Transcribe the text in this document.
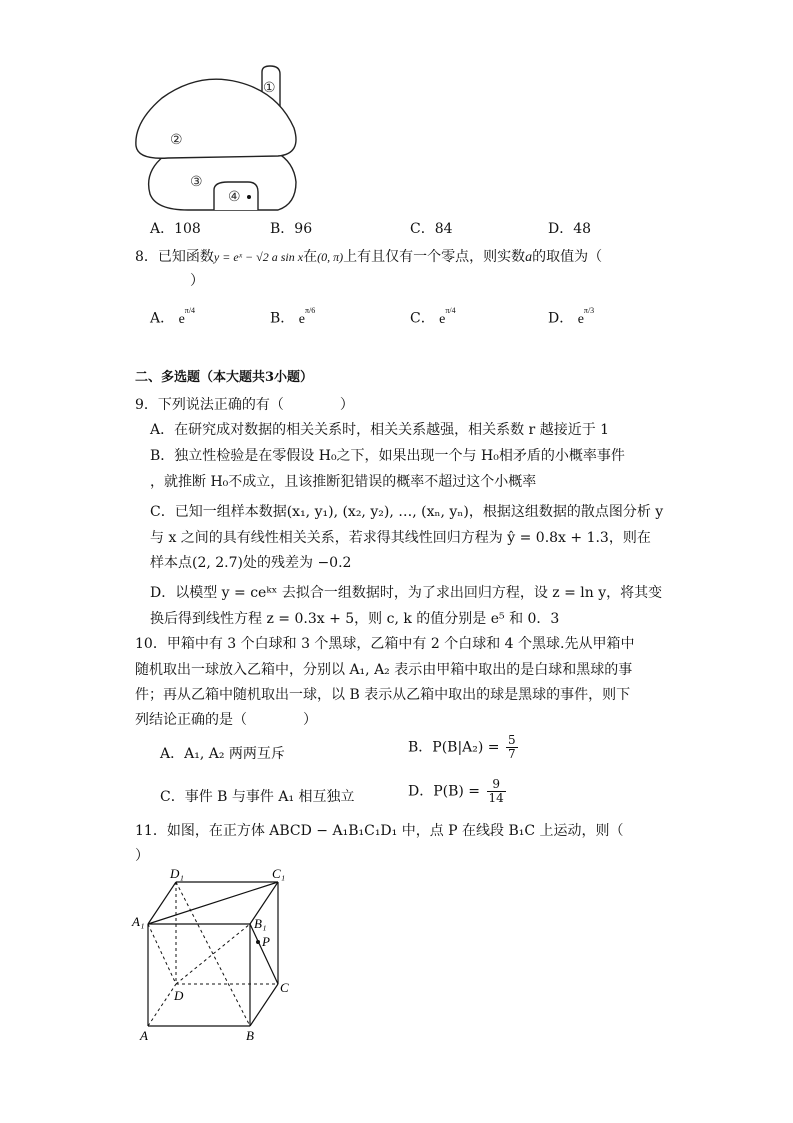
①
②
③
④
A．108	B．96	C．84	D．48
8．已知函数y = eˣ − √2 a sin x在(0, π)上有且仅有一个零点，则实数a的取值为（
）
A． $e^{\pi/4}$
B． $e^{\pi/6}$
C． $e^{\pi/4}$
D． $e^{\pi/3}$
二、多选题（本大题共3小题）
9．下列说法正确的有（　　　　）
A．在研究成对数据的相关关系时，相关关系越强，相关系数 r 越接近于 1
B．独立性检验是在零假设 H₀之下，如果出现一个与 H₀相矛盾的小概率事件
，就推断 H₀不成立，且该推断犯错误的概率不超过这个小概率
C．已知一组样本数据(x₁, y₁), (x₂, y₂), …, (xₙ, yₙ)，根据这组数据的散点图分析 y
与 x 之间的具有线性相关关系，若求得其线性回归方程为 ŷ = 0.8x + 1.3，则在
样本点(2, 2.7)处的残差为 −0.2
D．以模型 y = ceᵏˣ 去拟合一组数据时，为了求出回归方程，设 z = ln y，将其变
换后得到线性方程 z = 0.3x + 5，则 c, k 的值分别是 e⁵ 和 0．3
10．甲箱中有 3 个白球和 3 个黑球，乙箱中有 2 个白球和 4 个黑球.先从甲箱中
随机取出一球放入乙箱中，分别以 A₁, A₂ 表示由甲箱中取出的是白球和黑球的事
件；再从乙箱中随机取出一球，以 B 表示从乙箱中取出的球是黑球的事件，则下
列结论正确的是（　　　　）
A．A₁, A₂ 两两互斥	B．$P(B|A_2) = \frac{5}{7}$
C．事件 B 与事件 A₁ 相互独立	D．$P(B) = \frac{9}{14}$
11．如图，在正方体 ABCD − A₁B₁C₁D₁ 中，点 P 在线段 B₁C 上运动，则（
）
D₁	C₁
A₁	B₁
P
D
C
A	B
